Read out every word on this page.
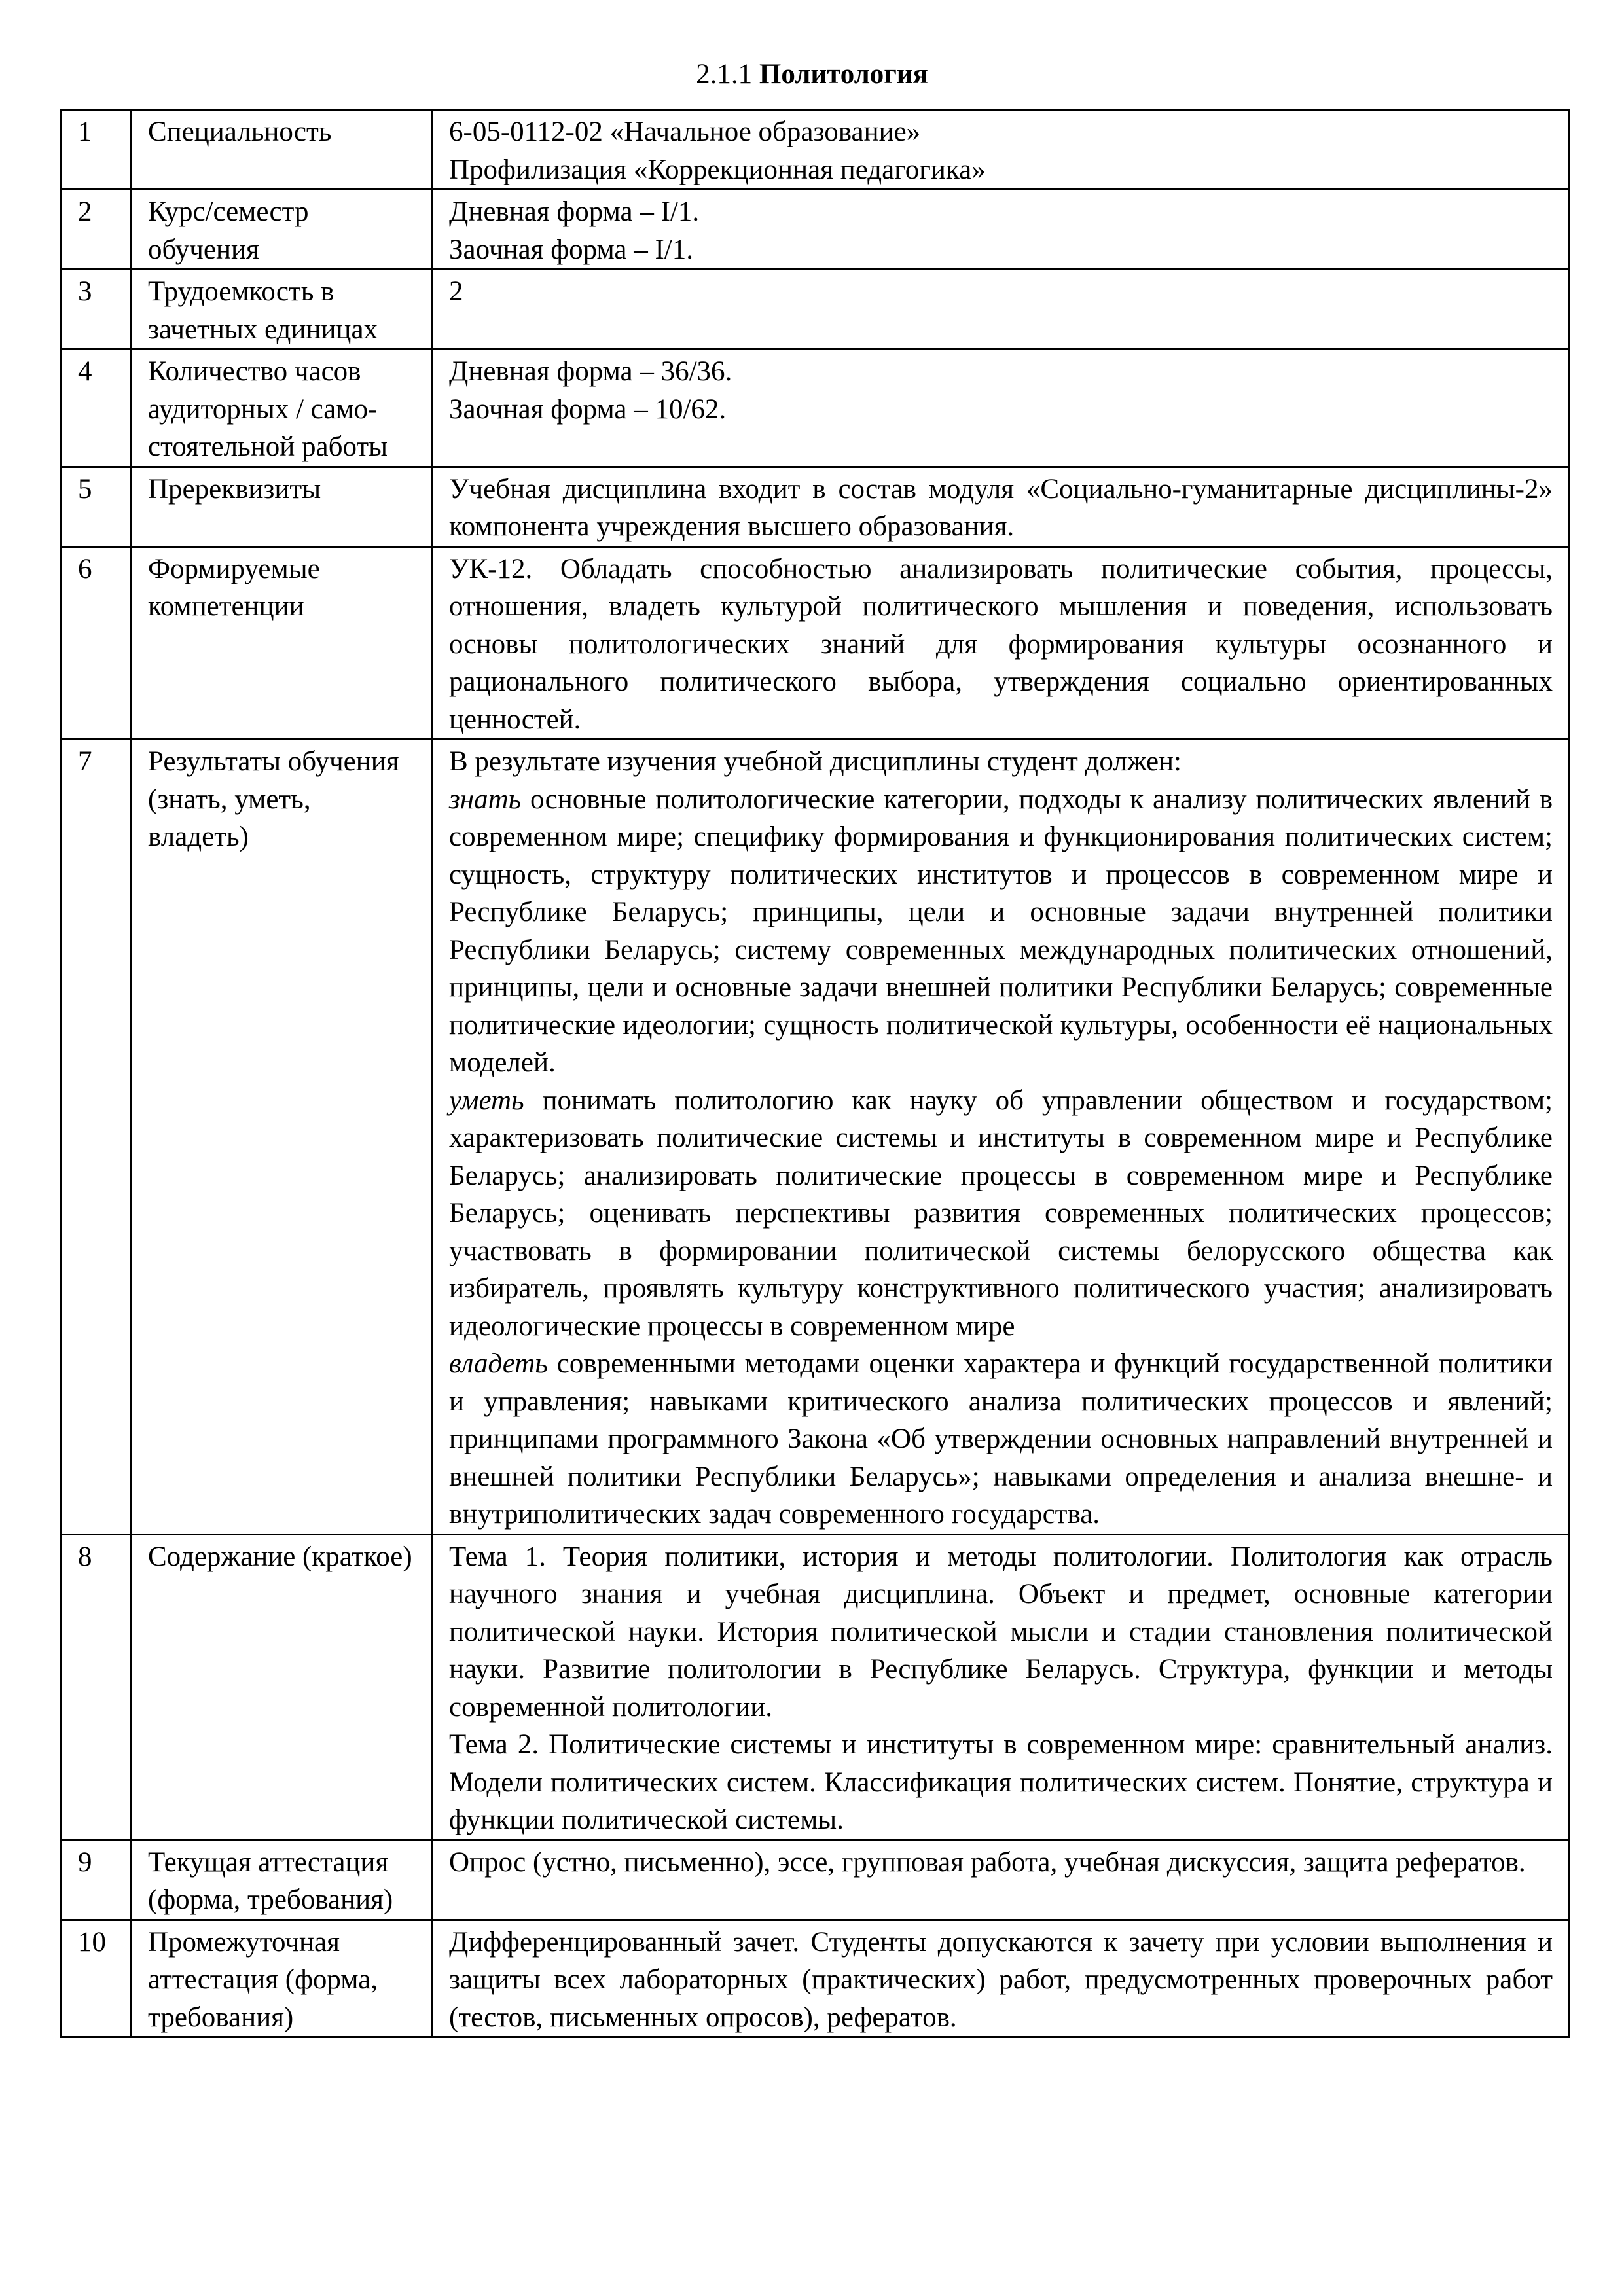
2.1.1 Политология
1	Специальность	6-05-0112-02 «Начальное образование»

Профилизация «Коррекционная педагогика»

2	Курс/семестр обучения	Дневная форма – I/1.

Заочная форма – I/1.

3	Трудоемкость в зачетных единицах	2

4	Количество часов аудиторных / само-стоятельной работы	Дневная форма – 36/36.

Заочная форма – 10/62.

5	Пререквизиты	Учебная дисциплина входит в состав модуля «Социально-гуманитарные дисциплины-2» компонента учреждения высшего образования.

6	Формируемые компетенции	УК-12. Обладать способностью анализировать политические события, процессы, отношения, владеть культурой политического мышления и поведения, использовать основы политологических знаний для формирования культуры осознанного и рационального политического выбора, утверждения социально ориентированных ценностей.

7	Результаты обучения (знать, уметь, владеть)	В результате изучения учебной дисциплины студент должен:

знать основные политологические категории, подходы к анализу политических явлений в современном мире; специфику формирования и функционирования политических систем; сущность, структуру политических институтов и процессов в современном мире и Республике Беларусь; принципы, цели и основные задачи внутренней политики Республики Беларусь; систему современных международных политических отношений, принципы, цели и основные задачи внешней политики Республики Беларусь; современные политические идеологии; сущность политической культуры, особенности её национальных моделей.

уметь понимать политологию как науку об управлении обществом и государством; характеризовать политические системы и институты в современном мире и Республике Беларусь; анализировать политические процессы в современном мире и Республике Беларусь; оценивать перспективы развития современных политических процессов; участвовать в формировании политической системы белорусского общества как избиратель, проявлять культуру конструктивного политического участия; анализировать идеологические процессы в современном мире

владеть современными методами оценки характера и функций государственной политики и управления; навыками критического анализа политических процессов и явлений; принципами программного Закона «Об утверждении основных направлений внутренней и внешней политики Республики Беларусь»; навыками определения и анализа внешне- и внутриполитических задач современного государства.

8	Содержание (краткое)	Тема 1. Теория политики, история и методы политологии. Политология как отрасль научного знания и учебная дисциплина. Объект и предмет, основные категории политической науки. История политической мысли и стадии становления политической науки. Развитие политологии в Республике Беларусь. Структура, функции и методы современной политологии.

Тема 2. Политические системы и институты в современном мире: сравнительный анализ. Модели политических систем. Классификация политических систем. Понятие, структура и функции политической системы.

9	Текущая аттестация (форма, требования)	Опрос (устно, письменно), эссе, групповая работа, учебная дискуссия, защита рефератов.

10	Промежуточная аттестация (форма, требования)	Дифференцированный зачет. Студенты допускаются к зачету при условии выполнения и защиты всех лабораторных (практических) работ, предусмотренных проверочных работ (тестов, письменных опросов), рефератов.
